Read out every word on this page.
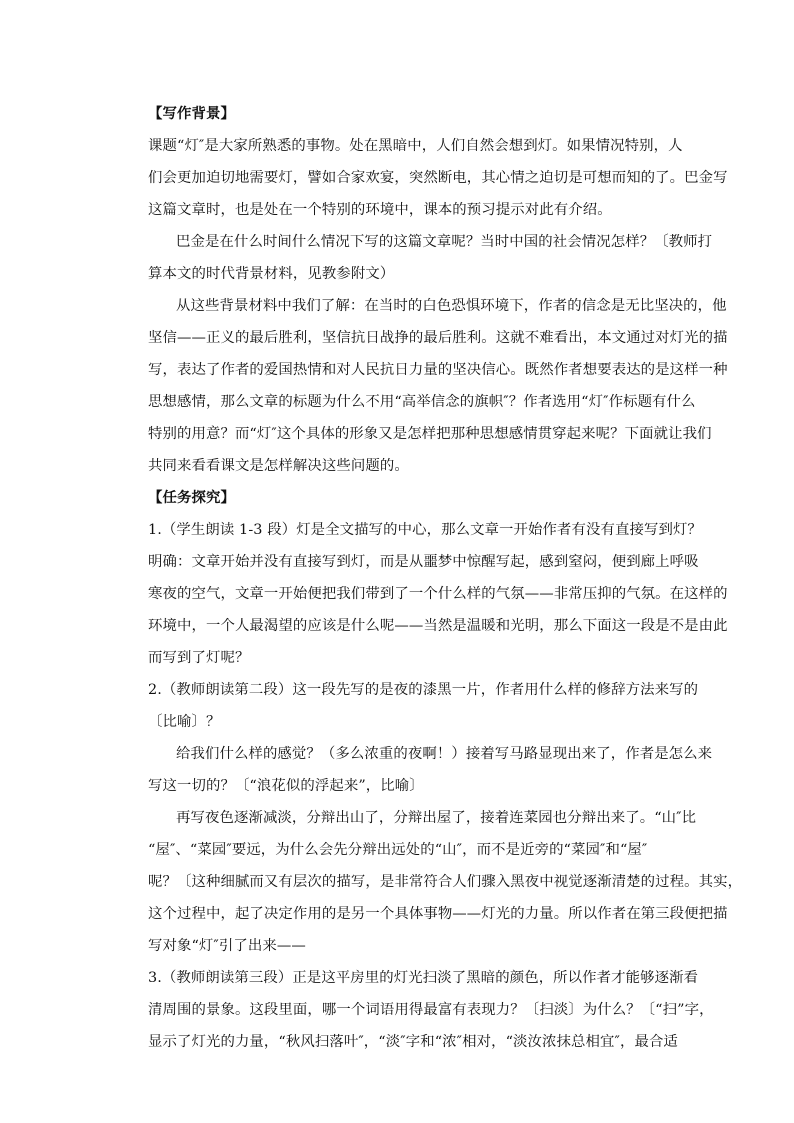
【写作背景】
课题“灯″是大家所熟悉的事物。处在黑暗中，人们自然会想到灯。如果情况特别，人
们会更加迫切地需要灯，譬如合家欢宴，突然断电，其心情之迫切是可想而知的了。巴金写
这篇文章时，也是处在一个特别的环境中，课本的预习提示对此有介绍。
巴金是在什么时间什么情况下写的这篇文章呢？当时中国的社会情况怎样？〔教师打
算本文的时代背景材料，见教参附文）
从这些背景材料中我们了解：在当时的白色恐惧环境下，作者的信念是无比坚决的，他
坚信——正义的最后胜利，坚信抗日战挣的最后胜利。这就不难看出，本文通过对灯光的描
写，表达了作者的爱国热情和对人民抗日力量的坚决信心。既然作者想要表达的是这样一种
思想感情，那么文章的标题为什么不用“高举信念的旗帜″？作者选用“灯″作标题有什么
特别的用意？而“灯″这个具体的形象又是怎样把那种思想感情贯穿起来呢？下面就让我们
共同来看看课文是怎样解决这些问题的。
【任务探究】
1.（学生朗读 1-3 段）灯是全文描写的中心，那么文章一开始作者有没有直接写到灯？
明确：文章开始并没有直接写到灯，而是从噩梦中惊醒写起，感到窒闷，便到廊上呼吸
寒夜的空气，文章一开始便把我们带到了一个什么样的气氛——非常压抑的气氛。在这样的
环境中，一个人最渴望的应该是什么呢——当然是温暖和光明，那么下面这一段是不是由此
而写到了灯呢？
2.（教师朗读第二段）这一段先写的是夜的漆黑一片，作者用什么样的修辞方法来写的
〔比喻〕？
给我们什么样的感觉？（多么浓重的夜啊！）接着写马路显现出来了，作者是怎么来
写这一切的？〔“浪花似的浮起来”，比喻〕
再写夜色逐渐减淡，分辩出山了，分辩出屋了，接着连菜园也分辩出来了。“山″比
“屋″、“菜园″要远，为什么会先分辩出远处的“山″，而不是近旁的“菜园″和“屋″
呢？〔这种细腻而又有层次的描写，是非常符合人们骤入黑夜中视觉逐渐清楚的过程。其实，
这个过程中，起了决定作用的是另一个具体事物——灯光的力量。所以作者在第三段便把描
写对象“灯″引了出来——
3.（教师朗读第三段）正是这平房里的灯光扫淡了黑暗的颜色，所以作者才能够逐渐看
清周围的景象。这段里面，哪一个词语用得最富有表现力？〔扫淡〕为什么？〔“扫”字，
显示了灯光的力量，“秋风扫落叶″，“淡″字和“浓″相对，“淡汝浓抹总相宜″，最合适
